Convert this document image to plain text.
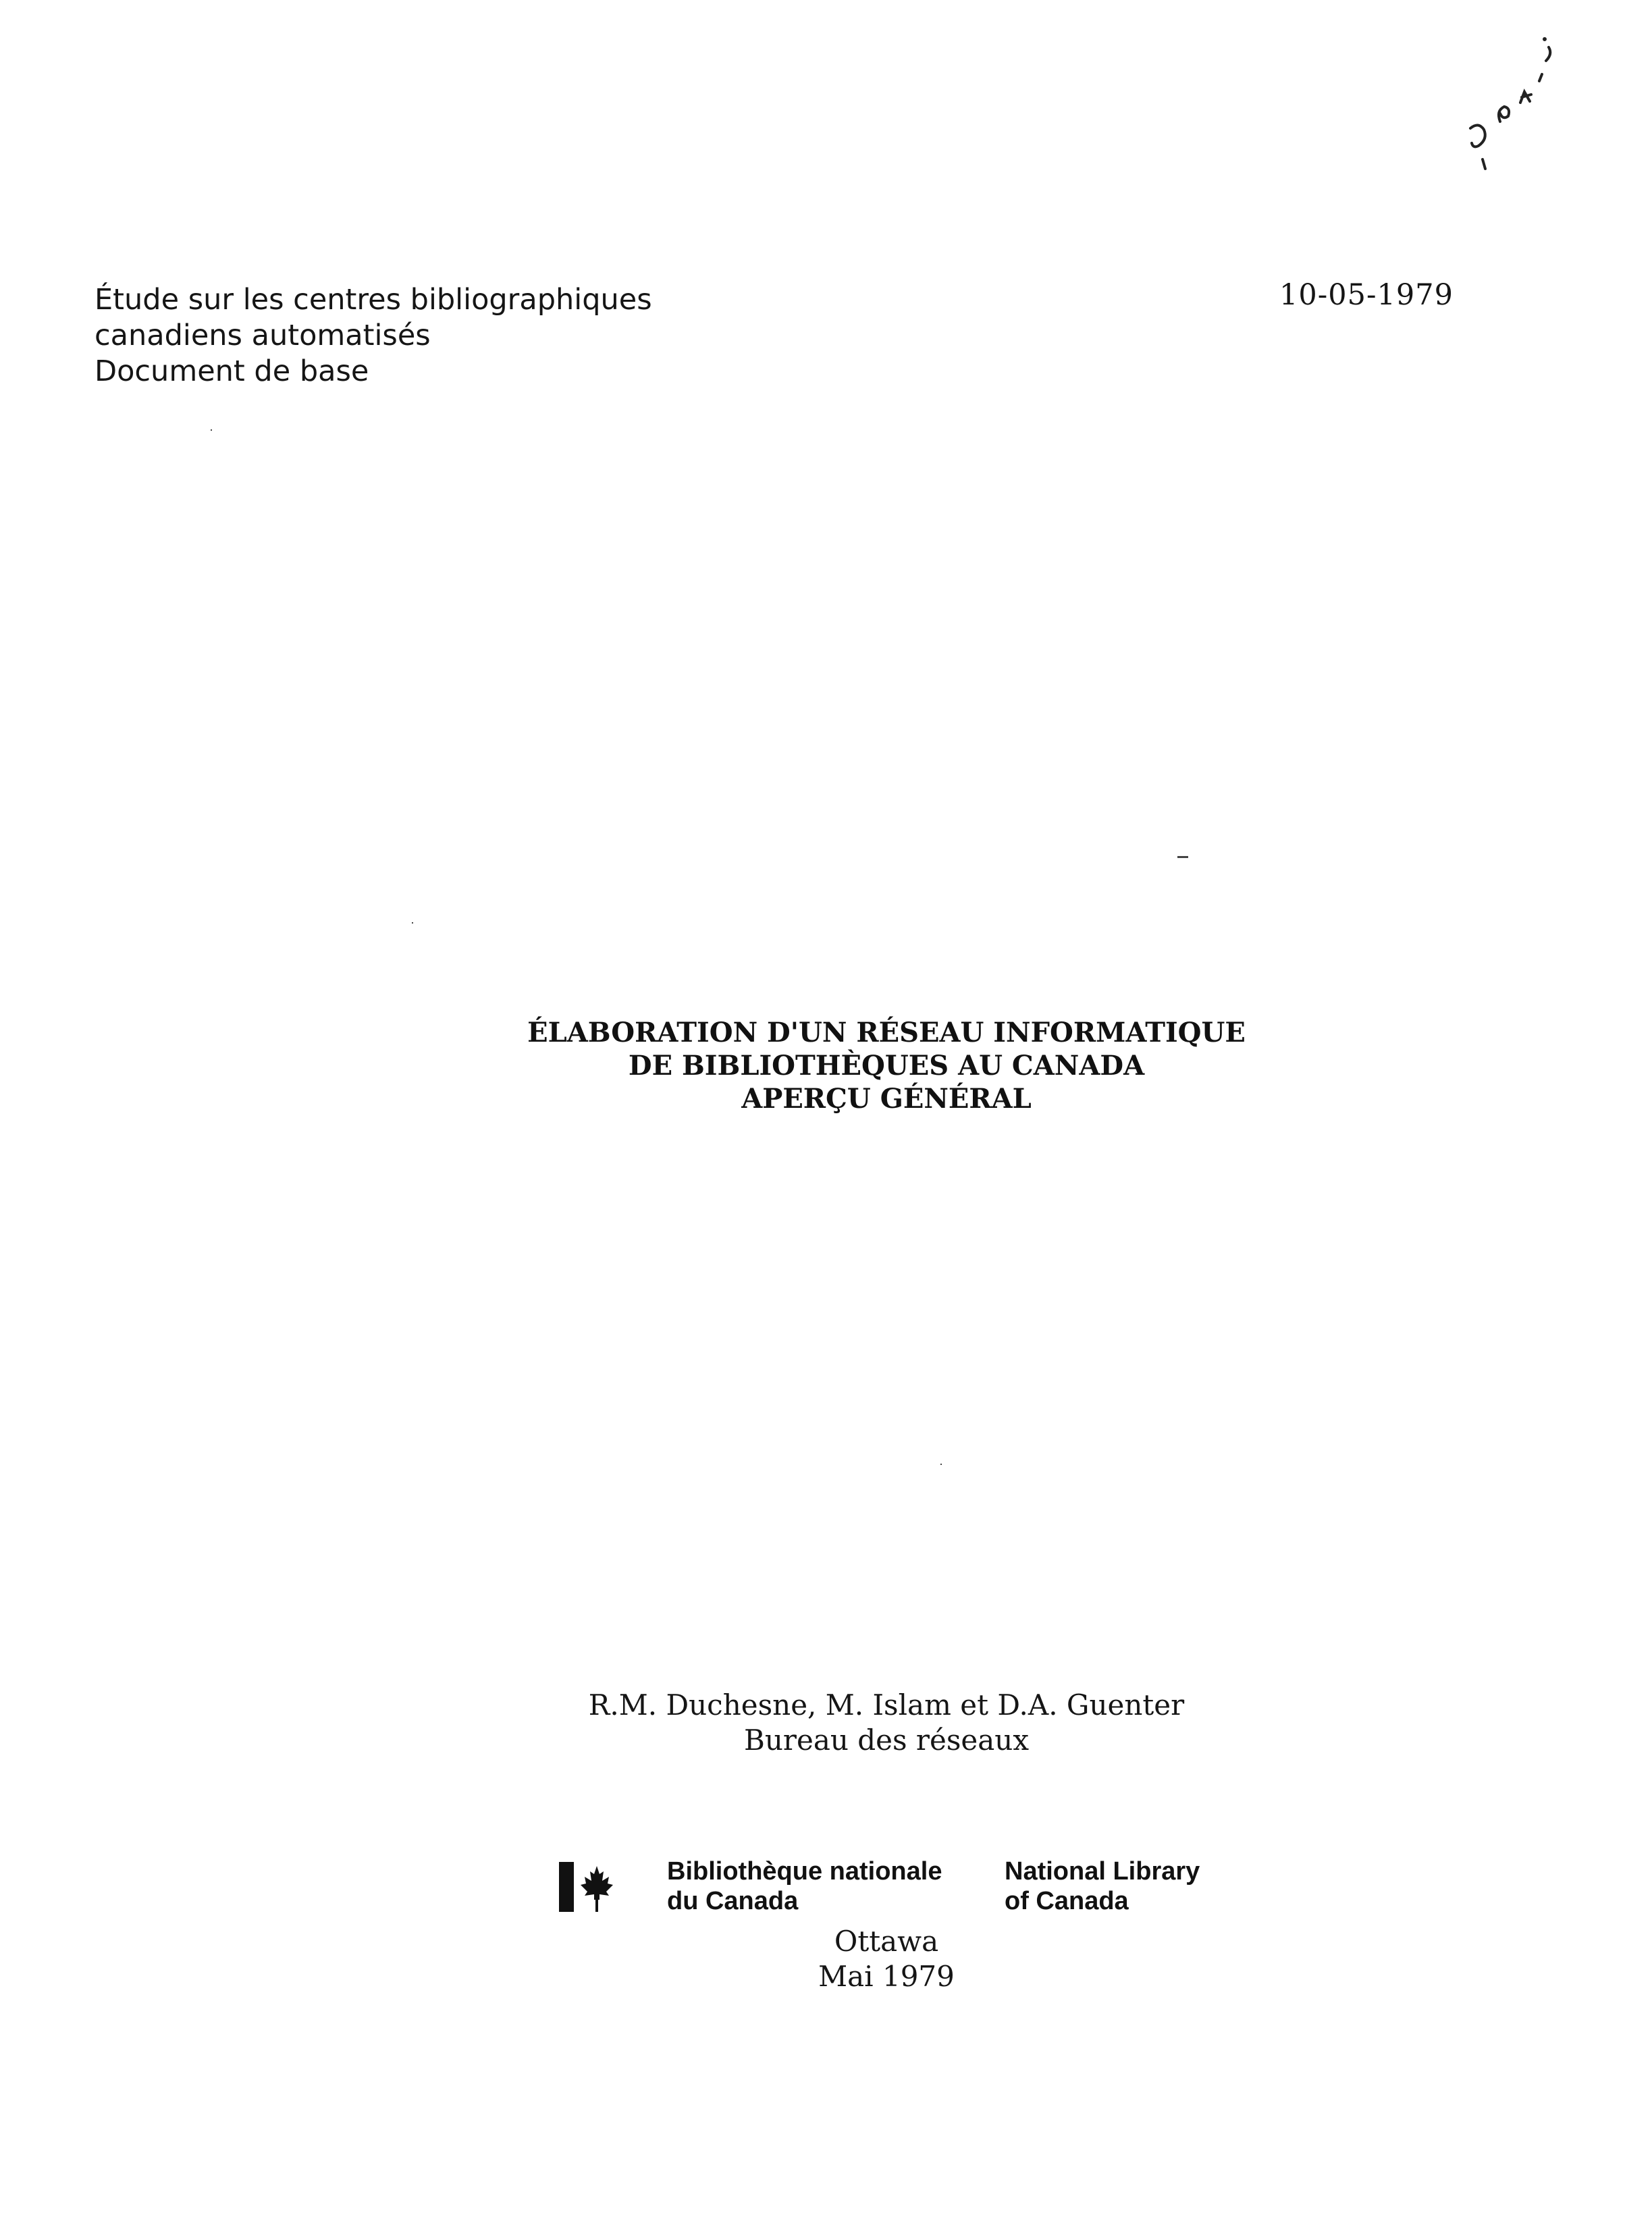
Étude sur les centres bibliographiques
canadiens automatisés
Document de base
10-05-1979
ÉLABORATION D'UN RÉSEAU INFORMATIQUE
DE BIBLIOTHÈQUES AU CANADA
APERÇU GÉNÉRAL
R.M. Duchesne, M. Islam et D.A. Guenter
Bureau des réseaux
Bibliothèque nationale
du Canada
National Library
of Canada
Ottawa
Mai 1979
